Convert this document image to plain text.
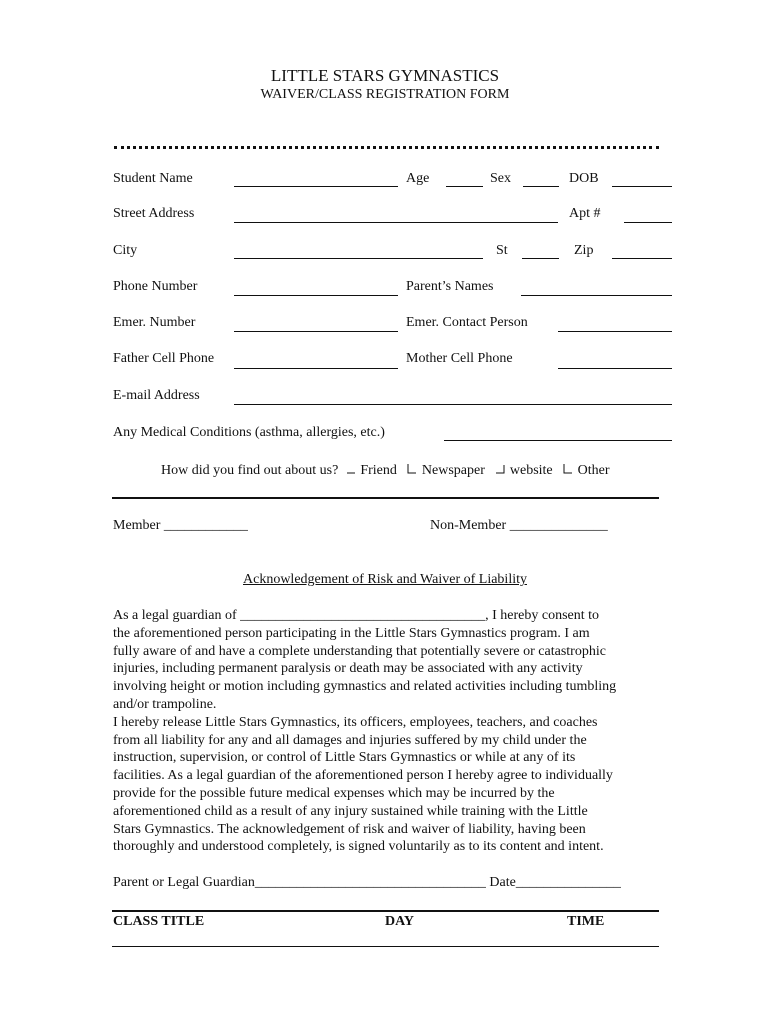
LITTLE STARS GYMNASTICS
WAIVER/CLASS REGISTRATION FORM
Student Name	Age	Sex	DOB
Street Address	Apt #
City	St	Zip
Phone Number	Parent’s Names
Emer. Number	Emer. Contact Person
Father Cell Phone	Mother Cell Phone
E-mail Address
Any Medical Conditions (asthma, allergies, etc.)
How did you find out about us? Friend Newspaper website Other
Member ____________	Non-Member ______________
Acknowledgement of Risk and Waiver of Liability
As a legal guardian of ___________________________________, I hereby consent to
the aforementioned person participating in the Little Stars Gymnastics program. I am
fully aware of and have a complete understanding that potentially severe or catastrophic
injuries, including permanent paralysis or death may be associated with any activity
involving height or motion including gymnastics and related activities including tumbling
and/or trampoline.
I hereby release Little Stars Gymnastics, its officers, employees, teachers, and coaches
from all liability for any and all damages and injuries suffered by my child under the
instruction, supervision, or control of Little Stars Gymnastics or while at any of its
facilities. As a legal guardian of the aforementioned person I hereby agree to individually
provide for the possible future medical expenses which may be incurred by the
aforementioned child as a result of any injury sustained while training with the Little
Stars Gymnastics. The acknowledgement of risk and waiver of liability, having been
thoroughly and understood completely, is signed voluntarily as to its content and intent.
Parent or Legal Guardian_________________________________ Date_______________
CLASS TITLE	DAY	TIME
